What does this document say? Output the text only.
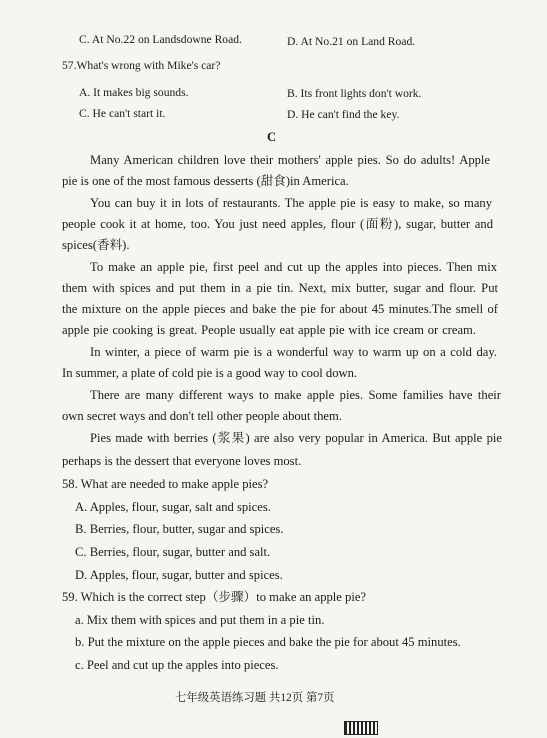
C. At No.22 on Landsdowne Road.	D. At No.21 on Land Road.
57.What's wrong with Mike's car?
A. It makes big sounds.	B. Its front lights don't work.
C. He can't start it.	D. He can't find the key.
C
Many American children love their mothers' apple pies. So do adults! Apple
pie is one of the most famous desserts (甜食)in America.
You can buy it in lots of restaurants. The apple pie is easy to make, so many
people cook it at home, too. You just need apples, flour (面粉), sugar, butter and
spices(香料).
To make an apple pie, first peel and cut up the apples into pieces. Then mix
them with spices and put them in a pie tin. Next, mix butter, sugar and flour. Put
the mixture on the apple pieces and bake the pie for about 45 minutes.The smell of
apple pie cooking is great. People usually eat apple pie with ice cream or cream.
In winter, a piece of warm pie is a wonderful way to warm up on a cold day.
In summer, a plate of cold pie is a good way to cool down.
There are many different ways to make apple pies. Some families have their
own secret ways and don't tell other people about them.
Pies made with berries (浆果) are also very popular in America. But apple pie
perhaps is the dessert that everyone loves most.
58. What are needed to make apple pies?
A. Apples, flour, sugar, salt and spices.
B. Berries, flour, butter, sugar and spices.
C. Berries, flour, sugar, butter and salt.
D. Apples, flour, sugar, butter and spices.
59. Which is the correct step（步骤）to make an apple pie?
a. Mix them with spices and put them in a pie tin.
b. Put the mixture on the apple pieces and bake the pie for about 45 minutes.
c. Peel and cut up the apples into pieces.
七年级英语练习题 共12页 第7页
